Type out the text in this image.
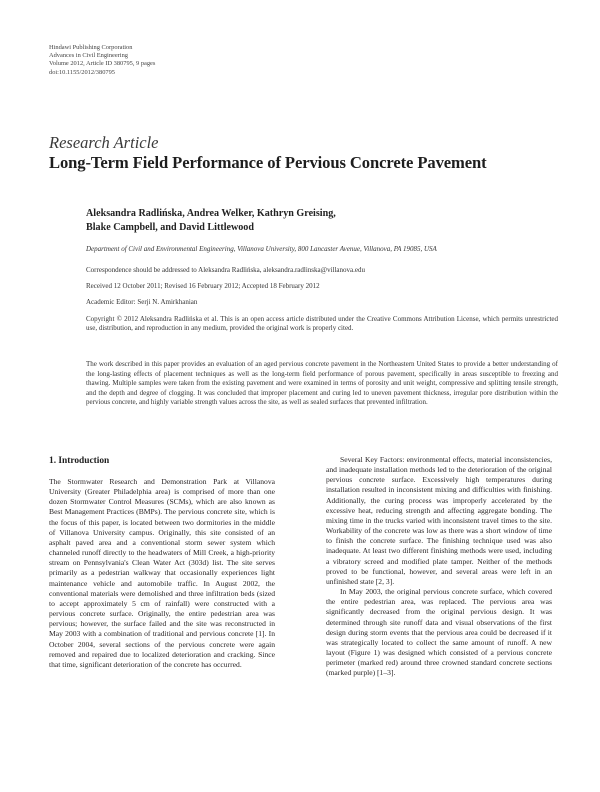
Hindawi Publishing Corporation
Advances in Civil Engineering
Volume 2012, Article ID 380795, 9 pages
doi:10.1155/2012/380795
Research Article
Long-Term Field Performance of Pervious Concrete Pavement
Aleksandra Radlińska, Andrea Welker, Kathryn Greising,
Blake Campbell, and David Littlewood
Department of Civil and Environmental Engineering, Villanova University, 800 Lancaster Avenue, Villanova, PA 19085, USA
Correspondence should be addressed to Aleksandra Radlińska, aleksandra.radlinska@villanova.edu
Received 12 October 2011; Revised 16 February 2012; Accepted 18 February 2012
Academic Editor: Serji N. Amirkhanian
Copyright © 2012 Aleksandra Radlińska et al. This is an open access article distributed under the Creative Commons Attribution License, which permits unrestricted use, distribution, and reproduction in any medium, provided the original work is properly cited.
The work described in this paper provides an evaluation of an aged pervious concrete pavement in the Northeastern United States to provide a better understanding of the long-lasting effects of placement techniques as well as the long-term field performance of porous pavement, specifically in areas susceptible to freezing and thawing. Multiple samples were taken from the existing pavement and were examined in terms of porosity and unit weight, compressive and splitting tensile strength, and the depth and degree of clogging. It was concluded that improper placement and curing led to uneven pavement thickness, irregular pore distribution within the pervious concrete, and highly variable strength values across the site, as well as sealed surfaces that prevented infiltration.
1. Introduction

The Stormwater Research and Demonstration Park at Villanova University (Greater Philadelphia area) is comprised of more than one dozen Stormwater Control Measures (SCMs), which are also known as Best Management Practices (BMPs). The pervious concrete site, which is the focus of this paper, is located between two dormitories in the middle of Villanova University campus. Originally, this site consisted of an asphalt paved area and a conventional storm sewer system which channeled runoff directly to the headwaters of Mill Creek, a high-priority stream on Pennsylvania's Clean Water Act (303d) list. The site serves primarily as a pedestrian walkway that occasionally experiences light maintenance vehicle and automobile traffic. In August 2002, the conventional materials were demolished and three infiltration beds (sized to accept approximately 5 cm of rainfall) were constructed with a pervious concrete surface. Originally, the entire pedestrian area was pervious; however, the surface failed and the site was reconstructed in May 2003 with a combination of traditional and pervious concrete [1]. In October 2004, several sections of the pervious concrete were again removed and repaired due to localized deterioration and cracking. Since that time, significant deterioration of the concrete has occurred.

Several Key Factors: environmental effects, material inconsistencies, and inadequate installation methods led to the deterioration of the original pervious concrete surface. Excessively high temperatures during installation resulted in inconsistent mixing and difficulties with finishing. Additionally, the curing process was improperly accelerated by the excessive heat, reducing strength and affecting aggregate bonding. The mixing time in the trucks varied with inconsistent travel times to the site. Workability of the concrete was low as there was a short window of time to finish the concrete surface. The finishing technique used was also inadequate. At least two different finishing methods were used, including a vibratory screed and modified plate tamper. Neither of the methods proved to be functional, however, and several areas were left in an unfinished state [2, 3].

In May 2003, the original pervious concrete surface, which covered the entire pedestrian area, was replaced. The pervious area was significantly decreased from the original pervious design. It was determined through site runoff data and visual observations of the first design during storm events that the pervious area could be decreased if it was strategically located to collect the same amount of runoff. A new layout (Figure 1) was designed which consisted of a pervious concrete perimeter (marked red) around three crowned standard concrete sections (marked purple) [1–3].
